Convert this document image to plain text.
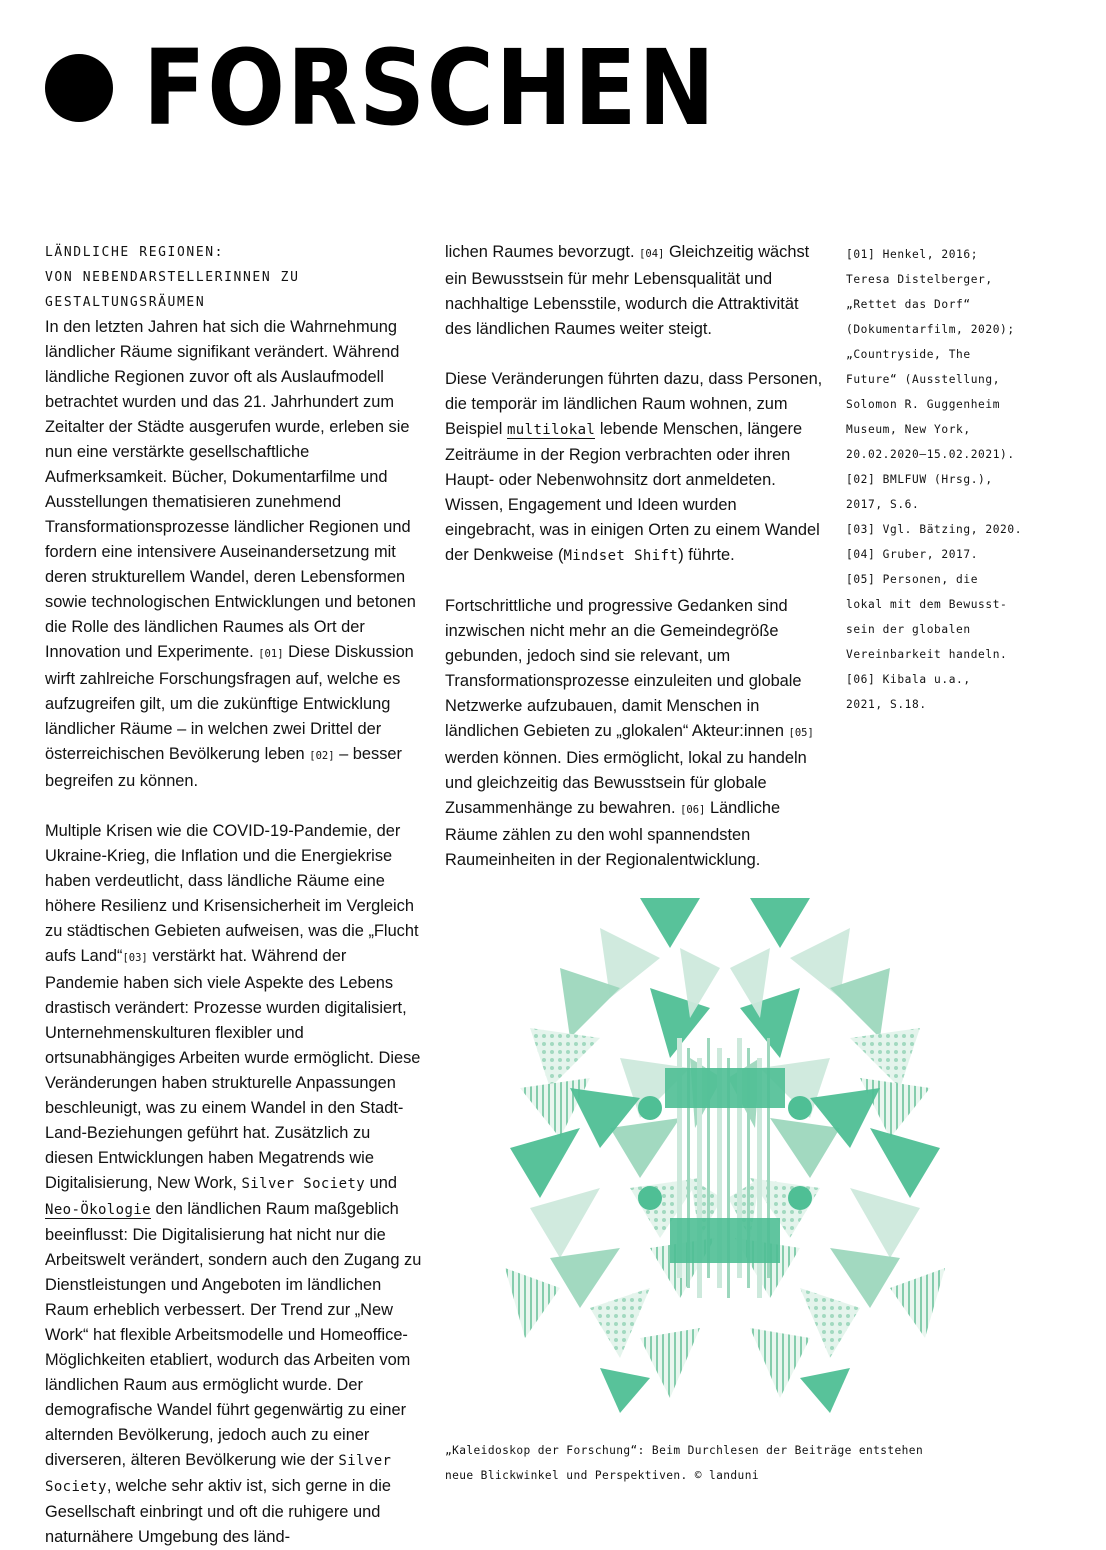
FORSCHEN
LÄNDLICHE REGIONEN:
VON NEBENDARSTELLERINNEN ZU
GESTALTUNGSRÄUMEN

In den letzten Jahren hat sich die Wahrnehmung ländlicher Räume signifikant verändert. Während ländliche Regionen zuvor oft als Auslaufmodell betrachtet wurden und das 21. Jahrhundert zum Zeitalter der Städte ausgerufen wurde, erleben sie nun eine verstärkte gesellschaftliche Aufmerksamkeit. Bücher, Dokumentarfilme und Ausstellungen thematisieren zunehmend Transformationsprozesse ländlicher Regionen und fordern eine intensivere Auseinandersetzung mit deren strukturellem Wandel, deren Lebensformen sowie technologischen Entwicklungen und betonen die Rolle des ländlichen Raumes als Ort der Innovation und Experimente. [01] Diese Diskussion wirft zahlreiche Forschungsfragen auf, welche es aufzugreifen gilt, um die zukünftige Entwicklung ländlicher Räume – in welchen zwei Drittel der österreichischen Bevölkerung leben [02] – besser begreifen zu können.

Multiple Krisen wie die COVID-19-Pandemie, der Ukraine-Krieg, die Inflation und die Energiekrise haben verdeutlicht, dass ländliche Räume eine höhere Resilienz und Krisensicherheit im Vergleich zu städtischen Gebieten aufweisen, was die „Flucht aufs Land“[03] verstärkt hat. Während der Pandemie haben sich viele Aspekte des Lebens drastisch verändert: Prozesse wurden digitalisiert, Unternehmenskulturen flexibler und ortsunabhängiges Arbeiten wurde ermöglicht. Diese Veränderungen haben strukturelle Anpassungen beschleunigt, was zu einem Wandel in den Stadt-Land-Beziehungen geführt hat. Zusätzlich zu diesen Entwicklungen haben Megatrends wie Digitalisierung, New Work, Silver Society und Neo-Ökologie den ländlichen Raum maßgeblich beeinflusst: Die Digitalisierung hat nicht nur die Arbeitswelt verändert, sondern auch den Zugang zu Dienstleistungen und Angeboten im ländlichen Raum erheblich verbessert. Der Trend zur „New Work“ hat flexible Arbeitsmodelle und Homeoffice-Möglichkeiten etabliert, wodurch das Arbeiten vom ländlichen Raum aus ermöglicht wurde. Der demografische Wandel führt gegenwärtig zu einer alternden Bevölkerung, jedoch auch zu einer diverseren, älteren Bevölkerung wie der Silver Society, welche sehr aktiv ist, sich gerne in die Gesellschaft einbringt und oft die ruhigere und naturnähere Umgebung des länd-

lichen Raumes bevorzugt. [04] Gleichzeitig wächst ein Bewusstsein für mehr Lebensqualität und nachhaltige Lebensstile, wodurch die Attraktivität des ländlichen Raumes weiter steigt.

Diese Veränderungen führten dazu, dass Personen, die temporär im ländlichen Raum wohnen, zum Beispiel multilokal lebende Menschen, längere Zeiträume in der Region verbrachten oder ihren Haupt- oder Nebenwohnsitz dort anmeldeten. Wissen, Engagement und Ideen wurden eingebracht, was in einigen Orten zu einem Wandel der Denkweise (Mindset Shift) führte.

Fortschrittliche und progressive Gedanken sind inzwischen nicht mehr an die Gemeindegröße gebunden, jedoch sind sie relevant, um Transformationsprozesse einzuleiten und globale Netzwerke aufzubauen, damit Menschen in ländlichen Gebieten zu „glokalen“ Akteur:innen [05] werden können. Dies ermöglicht, lokal zu handeln und gleichzeitig das Bewusstsein für globale Zusammenhänge zu bewahren. [06] Ländliche Räume zählen zu den wohl spannendsten Raumeinheiten in der Regionalentwicklung.

[01] Henkel, 2016;
Teresa Distelberger,
„Rettet das Dorf“
(Dokumentarfilm, 2020);
„Countryside, The
Future“ (Ausstellung,
Solomon R. Guggenheim
Museum, New York,
20.02.2020–15.02.2021).
[02] BMLFUW (Hrsg.),
2017, S.6.
[03] Vgl. Bätzing, 2020.
[04] Gruber, 2017.
[05] Personen, die
lokal mit dem Bewusst-
sein der globalen
Vereinbarkeit handeln.
[06] Kibala u.a.,
2021, S.18.
„Kaleidoskop der Forschung“: Beim Durchlesen der Beiträge entstehen
neue Blickwinkel und Perspektiven. © landuni
